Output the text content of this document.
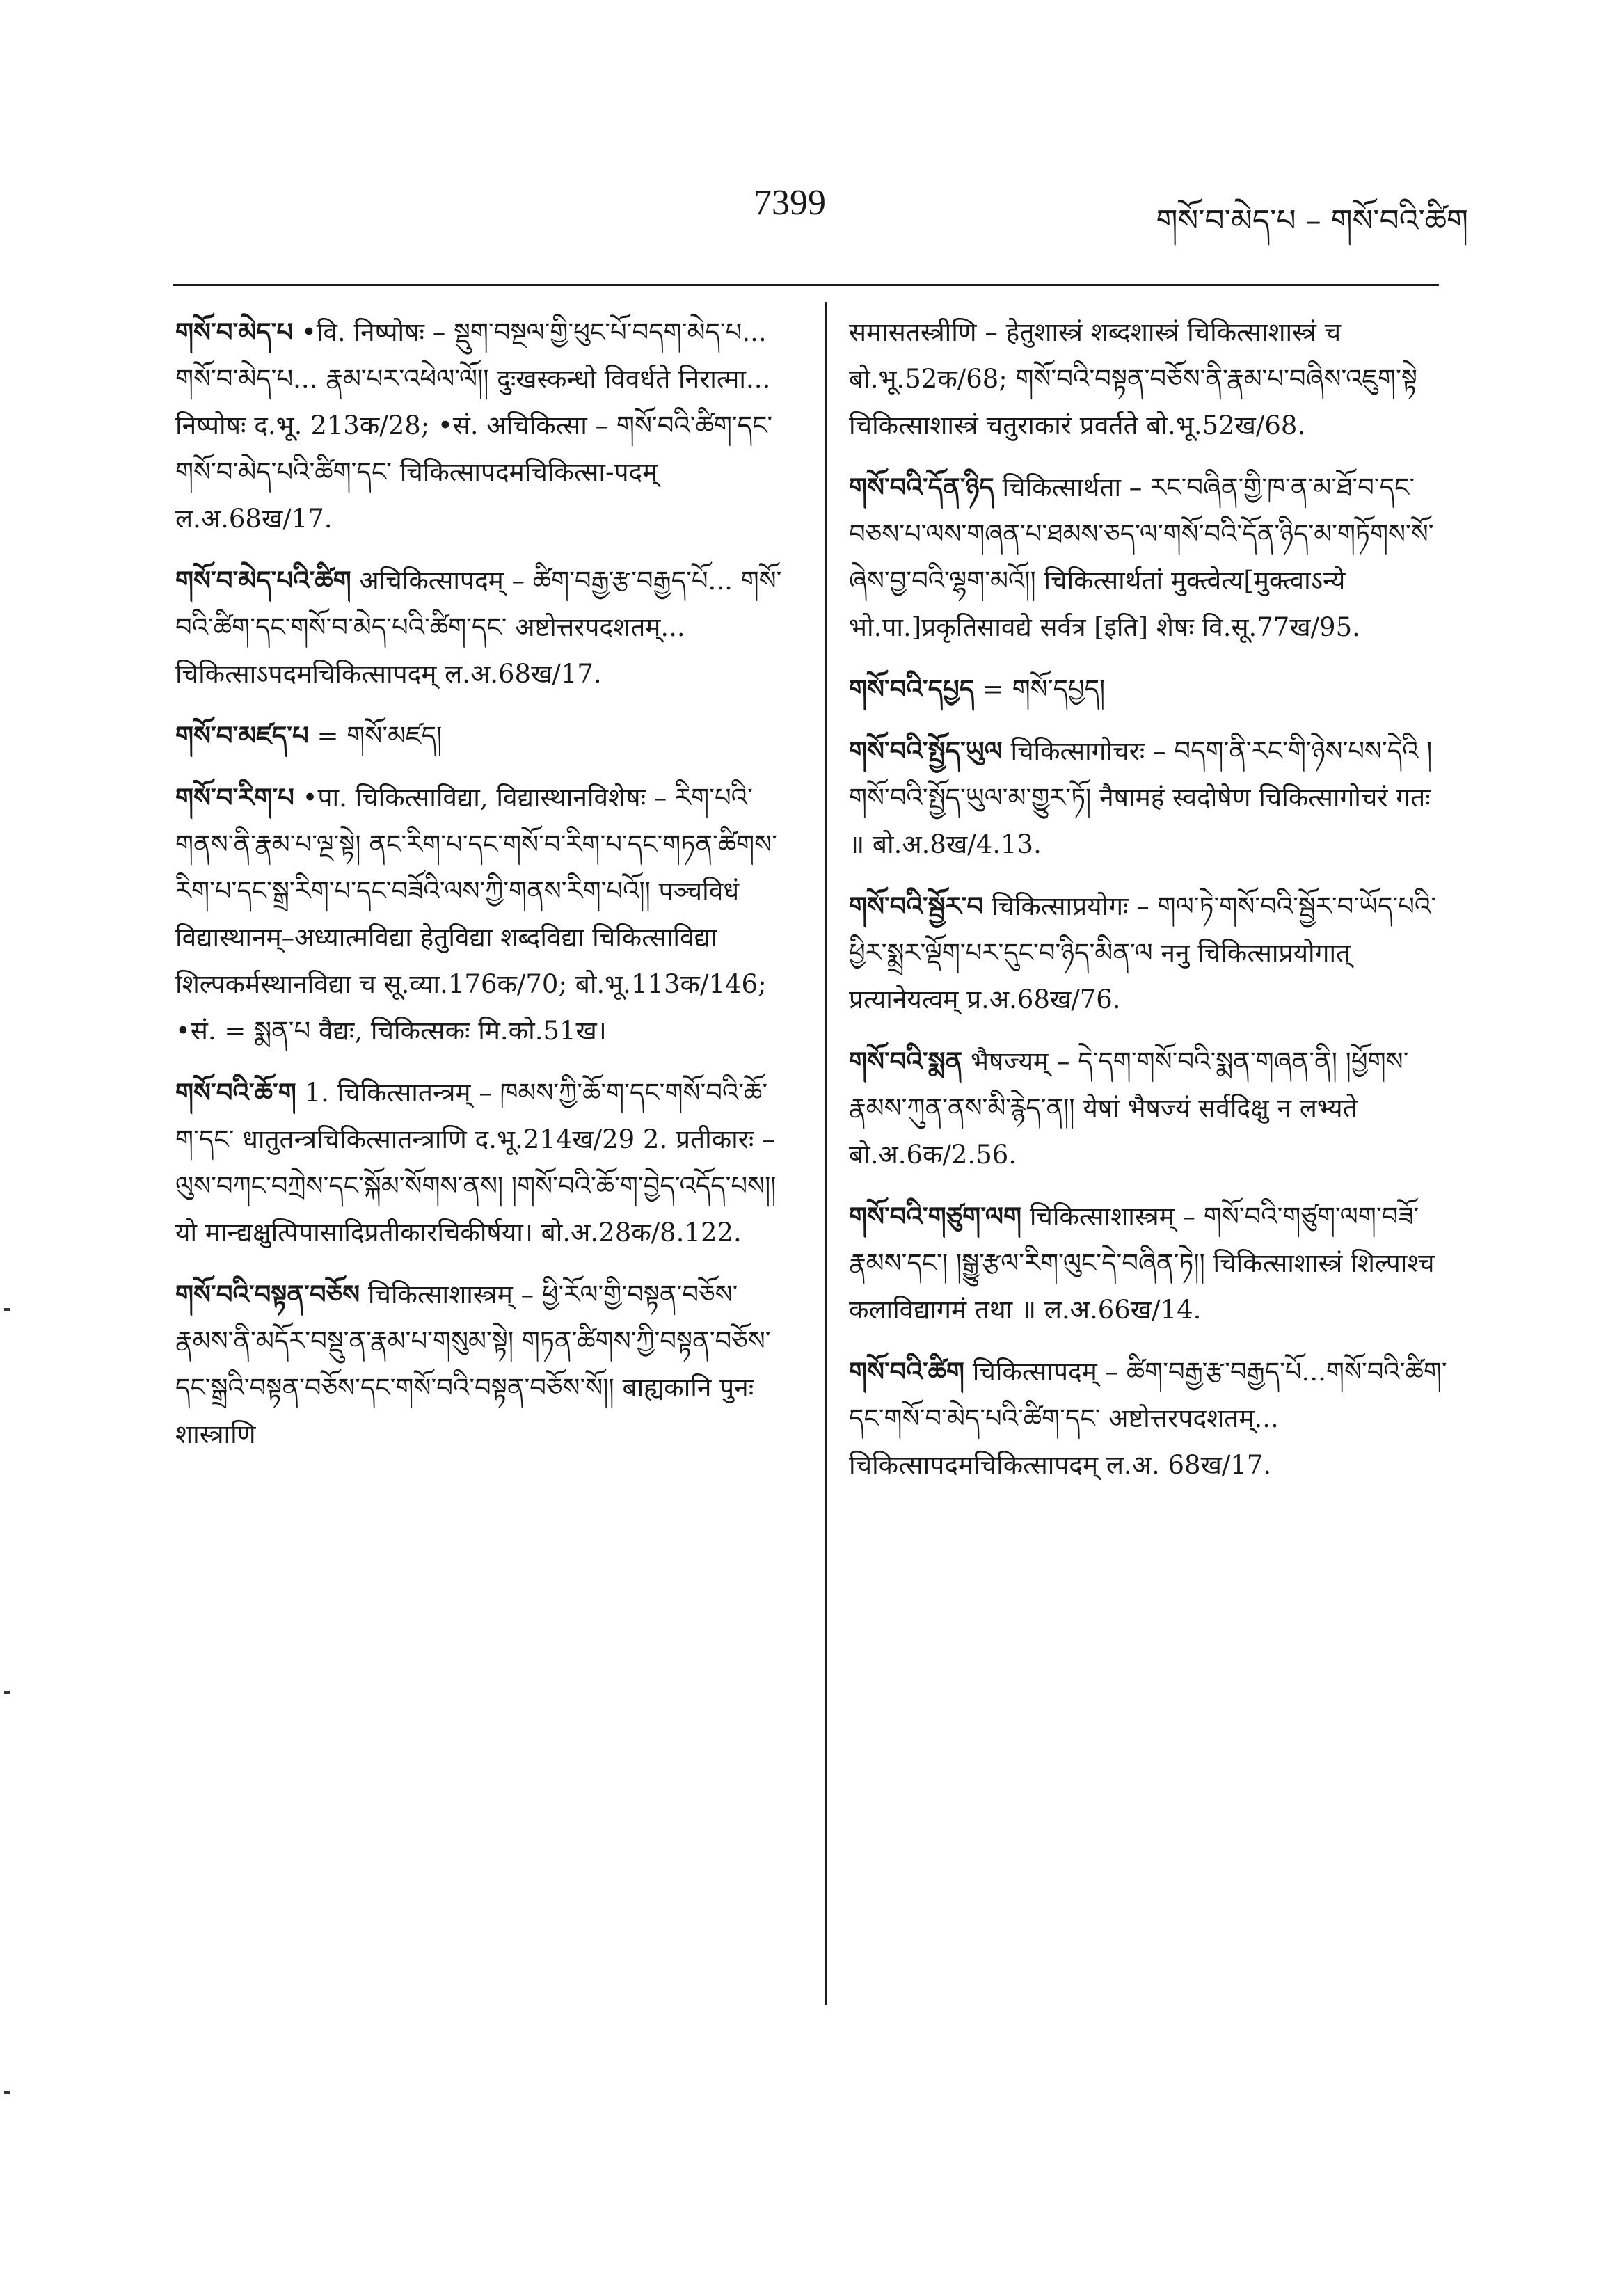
7399	གསོ་བ་མེད་པ – གསོ་བའི་ཚིག

གསོ་བ་མེད་པ •वि. निष्पोषः – སྡུག་བསྔལ་གྱི་ཕུང་པོ་བདག་མེད་པ... གསོ་བ་མེད་པ... རྣམ་པར་འཕེལ་ལོ།། दुःखस्कन्धो विवर्धते निरात्मा... निष्पोषः द.भू. 213क/28; •सं. अचिकित्सा – གསོ་བའི་ཚིག་དང་གསོ་བ་མེད་པའི་ཚིག་དང་ चिकित्सापदमचिकित्सा-पदम् ल.अ.68ख/17.

གསོ་བ་མེད་པའི་ཚིག अचिकित्सापदम् – ཚིག་བརྒྱ་རྩ་བརྒྱད་པོ... གསོ་བའི་ཚིག་དང་གསོ་བ་མེད་པའི་ཚིག་དང་ अष्टोत्तरपदशतम्... चिकित्साऽपदमचिकित्सापदम् ल.अ.68ख/17.

གསོ་བ་མཛད་པ = གསོ་མཛད།

གསོ་བ་རིག་པ •पा. चिकित्साविद्या, विद्यास्थानविशेषः – རིག་པའི་གནས་ནི་རྣམ་པ་ལྔ་སྟེ། ནང་རིག་པ་དང་གསོ་བ་རིག་པ་དང་གཏན་ཚིགས་རིག་པ་དང་སྒྲ་རིག་པ་དང་བཟོའི་ལས་ཀྱི་གནས་རིག་པའོ།། पञ्चविधं विद्यास्थानम्–अध्यात्मविद्या हेतुविद्या शब्दविद्या चिकित्साविद्या शिल्पकर्मस्थानविद्या च सू.व्या.176क/70; बो.भू.113क/146; •सं. = སྨན་པ वैद्यः, चिकित्सकः मि.को.51ख।

གསོ་བའི་ཆོ་ག 1. चिकित्सातन्त्रम् – ཁམས་ཀྱི་ཆོ་ག་དང་གསོ་བའི་ཆོ་ག་དང་ धातुतन्त्रचिकित्सातन्त्राणि द.भू.214ख/29 2. प्रतीकारः – ལུས་བཀང་བཀྲེས་དང་སྐོམ་སོགས་ནས། །གསོ་བའི་ཆོ་ག་བྱེད་འདོད་པས།། यो मान्द्यक्षुत्पिपासादिप्रतीकारचिकीर्षया। बो.अ.28क/8.122.

གསོ་བའི་བསྟན་བཅོས चिकित्साशास्त्रम् – ཕྱི་རོལ་གྱི་བསྟན་བཅོས་རྣམས་ནི་མདོར་བསྡུ་ན་རྣམ་པ་གསུམ་སྟེ། གཏན་ཚིགས་ཀྱི་བསྟན་བཅོས་དང་སྒྲའི་བསྟན་བཅོས་དང་གསོ་བའི་བསྟན་བཅོས་སོ།། बाह्यकानि पुनः शास्त्राणि

समासतस्त्रीणि – हेतुशास्त्रं शब्दशास्त्रं चिकित्साशास्त्रं च बो.भू.52क/68; གསོ་བའི་བསྟན་བཅོས་ནི་རྣམ་པ་བཞིས་འཇུག་སྟེ चिकित्साशास्त्रं चतुराकारं प्रवर्तते बो.भू.52ख/68.

གསོ་བའི་དོན་ཉིད चिकित्सार्थता – རང་བཞིན་གྱི་ཁ་ན་མ་ཐོ་བ་དང་བཅས་པ་ལས་གཞན་པ་ཐམས་ཅད་ལ་གསོ་བའི་དོན་ཉིད་མ་གཏོགས་སོ་ཞེས་བྱ་བའི་ལྷག་མའོ།། चिकित्सार्थतां मुक्त्वेत्य[मुक्त्वाऽन्ये भो.पा.]प्रकृतिसावद्ये सर्वत्र [इति] शेषः वि.सू.77ख/95.

གསོ་བའི་དཔྱད = གསོ་དཔྱད།

གསོ་བའི་སྤྱོད་ཡུལ चिकित्सागोचरः – བདག་ནི་རང་གི་ཉེས་པས་དེའི །གསོ་བའི་སྤྱོད་ཡུལ་མ་གྱུར་ཏོ། नैषामहं स्वदोषेण चिकित्सागोचरं गतः ॥ बो.अ.8ख/4.13.

གསོ་བའི་སྦྱོར་བ चिकित्साप्रयोगः – གལ་ཏེ་གསོ་བའི་སྦྱོར་བ་ཡོད་པའི་ཕྱིར་སྨྲར་ལྡོག་པར་དུང་བ་ཉིད་མིན་ལ ननु चिकित्साप्रयोगात् प्रत्यानेयत्वम् प्र.अ.68ख/76.

གསོ་བའི་སྨན भैषज्यम् – དེ་དག་གསོ་བའི་སྨན་གཞན་ནི། །ཕྱོགས་རྣམས་ཀུན་ནས་མི་རྙེད་ན།། येषां भैषज्यं सर्वदिक्षु न लभ्यते बो.अ.6क/2.56.

གསོ་བའི་གཙུག་ལག चिकित्साशास्त्रम् – གསོ་བའི་གཙུག་ལག་བཟོ་རྣམས་དང་། །སྒྱུ་རྩལ་རིག་ལུང་དེ་བཞིན་ཏེ།། चिकित्साशास्त्रं शिल्पाश्च कलाविद्यागमं तथा ॥ ल.अ.66ख/14.

གསོ་བའི་ཚིག चिकित्सापदम् – ཚིག་བརྒྱ་རྩ་བརྒྱད་པོ...གསོ་བའི་ཚིག་དང་གསོ་བ་མེད་པའི་ཚིག་དང་ अष्टोत्तरपदशतम्... चिकित्सापदमचिकित्सापदम् ल.अ. 68ख/17.
